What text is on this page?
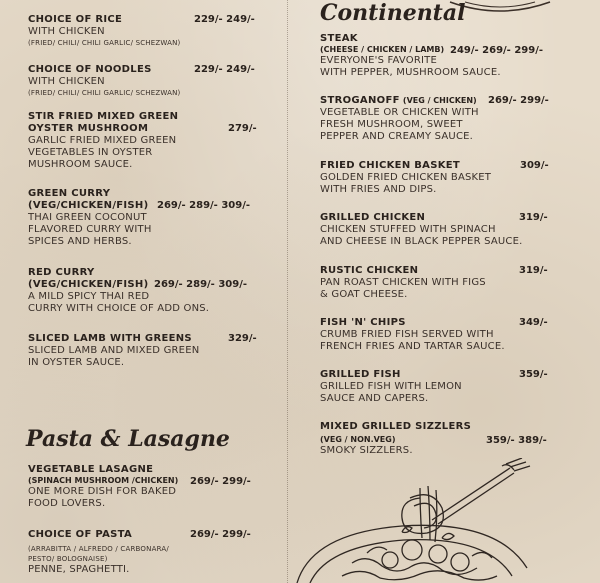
CHOICE OF RICE
WITH CHICKEN
(FRIED/ CHILI/ CHILI GARLIC/ SCHEZWAN)
229/- 249/-
CHOICE OF NOODLES
WITH CHICKEN
(FRIED/ CHILI/ CHILI GARLIC/ SCHEZWAN)
229/- 249/-
STIR FRIED MIXED GREEN
OYSTER MUSHROOM
GARLIC FRIED MIXED GREEN
VEGETABLES IN OYSTER
MUSHROOM SAUCE.
279/-
GREEN CURRY
(VEG/CHICKEN/FISH)
THAI GREEN COCONUT
FLAVORED CURRY WITH
SPICES AND HERBS.
269/- 289/- 309/-
RED CURRY
(VEG/CHICKEN/FISH)
A MILD SPICY THAI RED
CURRY WITH CHOICE OF ADD ONS.
269/- 289/- 309/-
SLICED LAMB WITH GREENS
SLICED LAMB AND MIXED GREEN
IN OYSTER SAUCE.
329/-
Pasta & Lasagne
VEGETABLE LASAGNE
(SPINACH MUSHROOM /CHICKEN)
ONE MORE DISH FOR BAKED
FOOD LOVERS.
269/- 299/-
CHOICE OF PASTA
(ARRABITTA / ALFREDO / CARBONARA/
PESTO/ BOLOGNAISE)
PENNE, SPAGHETTI.
269/- 299/-
Continental
STEAK
(CHEESE / CHICKEN / LAMB)
EVERYONE'S FAVORITE
WITH PEPPER, MUSHROOM SAUCE.
249/- 269/- 299/-
STROGANOFF (VEG / CHICKEN)
VEGETABLE OR CHICKEN WITH
FRESH MUSHROOM, SWEET
PEPPER AND CREAMY SAUCE.
269/- 299/-
FRIED CHICKEN BASKET
GOLDEN FRIED CHICKEN BASKET
WITH FRIES AND DIPS.
309/-
GRILLED CHICKEN
CHICKEN STUFFED WITH SPINACH
AND CHEESE IN BLACK PEPPER SAUCE.
319/-
RUSTIC CHICKEN
PAN ROAST CHICKEN WITH FIGS
& GOAT CHEESE.
319/-
FISH 'N' CHIPS
CRUMB FRIED FISH SERVED WITH
FRENCH FRIES AND TARTAR SAUCE.
349/-
GRILLED FISH
GRILLED FISH WITH LEMON
SAUCE AND CAPERS.
359/-
MIXED GRILLED SIZZLERS
(VEG / NON.VEG)
SMOKY SIZZLERS.
359/- 389/-
